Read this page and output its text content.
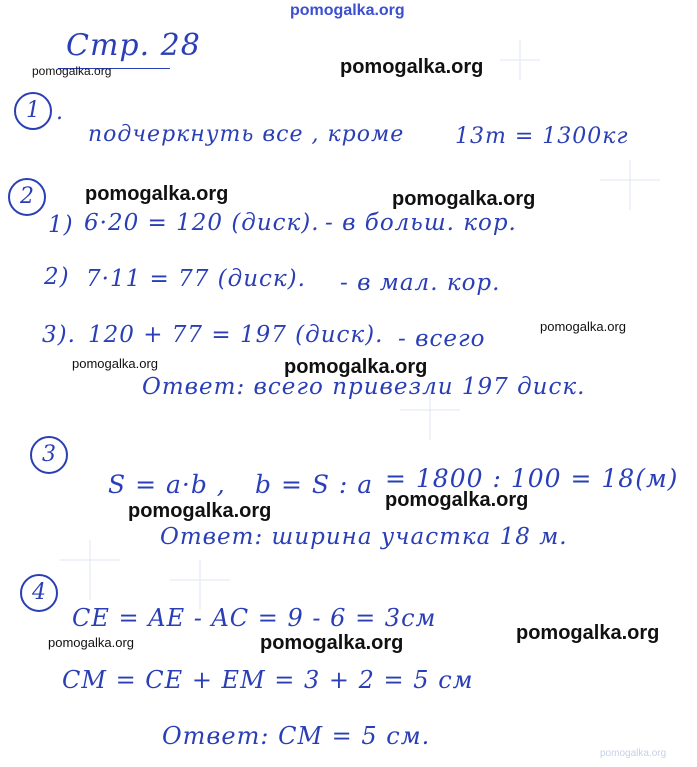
pomogalka.org
Стр. 28
pomogalka.org	pomogalka.org
pomogalka.org	pomogalka.org
pomogalka.org
pomogalka.org	pomogalka.org
pomogalka.org
pomogalka.org
pomogalka.org
pomogalka.org	pomogalka.org
1 .
подчеркнуть все , кроме 13т = 1300кг
2
1) 6·20 = 120 (диск). - в больш. кор.
2) 7·11 = 77 (диск). - в мал. кор.
3). 120 + 77 = 197 (диск). - всего
Ответ: всего привезли 197 диск.
3
S = a·b , b = S : a = 1800 : 100 = 18(м)
Ответ: ширина участка 18 м.
4
CE = AE - AC = 9 - 6 = 3см
CM = CE + EM = 3 + 2 = 5 см
Ответ: CM = 5 см.
pomogalka.org
